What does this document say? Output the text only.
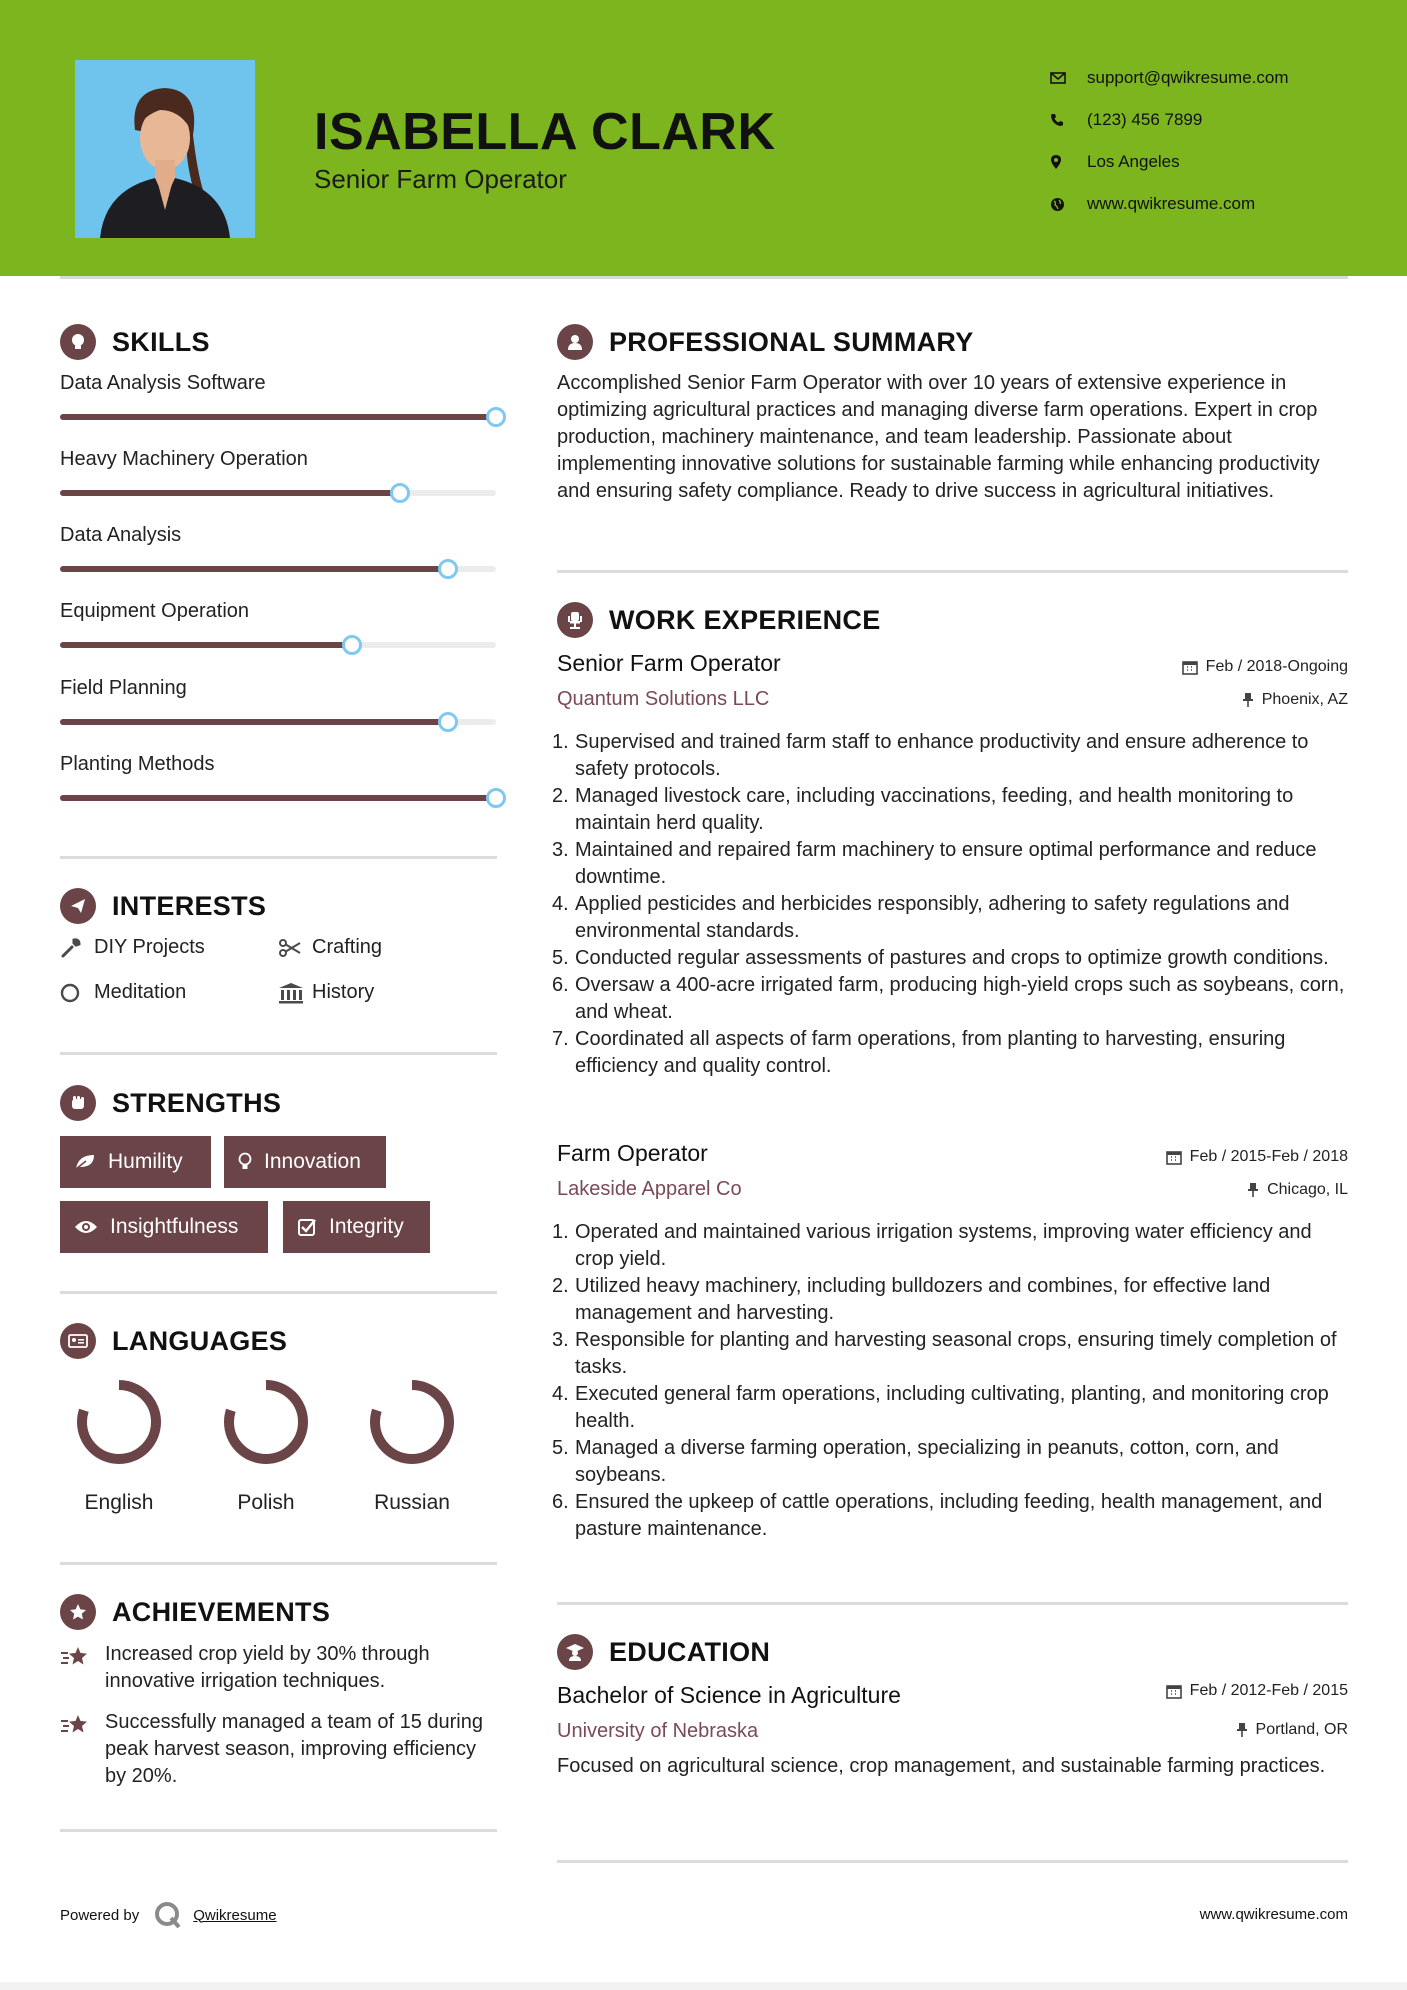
ISABELLA CLARK
Senior Farm Operator
support@qwikresume.com
(123) 456 7899
Los Angeles
www.qwikresume.com
SKILLS
Data Analysis Software
Heavy Machinery Operation
Data Analysis
Equipment Operation
Field Planning
Planting Methods
INTERESTS
DIY Projects	Crafting
Meditation	History
STRENGTHS
Humility	Innovation
Insightfulness	Integrity
LANGUAGES
English	Polish	Russian
ACHIEVEMENTS
Increased crop yield by 30% through innovative irrigation techniques.
Successfully managed a team of 15 during peak harvest season, improving efficiency by 20%.
PROFESSIONAL SUMMARY
Accomplished Senior Farm Operator with over 10 years of extensive experience in optimizing agricultural practices and managing diverse farm operations. Expert in crop production, machinery maintenance, and team leadership. Passionate about implementing innovative solutions for sustainable farming while enhancing productivity and ensuring safety compliance. Ready to drive success in agricultural initiatives.
WORK EXPERIENCE
Senior Farm Operator
Quantum Solutions LLC
Feb / 2018-Ongoing
Phoenix, AZ
1. Supervised and trained farm staff to enhance productivity and ensure adherence to safety protocols.
2. Managed livestock care, including vaccinations, feeding, and health monitoring to maintain herd quality.
3. Maintained and repaired farm machinery to ensure optimal performance and reduce downtime.
4. Applied pesticides and herbicides responsibly, adhering to safety regulations and environmental standards.
5. Conducted regular assessments of pastures and crops to optimize growth conditions.
6. Oversaw a 400-acre irrigated farm, producing high-yield crops such as soybeans, corn, and wheat.
7. Coordinated all aspects of farm operations, from planting to harvesting, ensuring efficiency and quality control.
Farm Operator
Lakeside Apparel Co
Feb / 2015-Feb / 2018
Chicago, IL
1. Operated and maintained various irrigation systems, improving water efficiency and crop yield.
2. Utilized heavy machinery, including bulldozers and combines, for effective land management and harvesting.
3. Responsible for planting and harvesting seasonal crops, ensuring timely completion of tasks.
4. Executed general farm operations, including cultivating, planting, and monitoring crop health.
5. Managed a diverse farming operation, specializing in peanuts, cotton, corn, and soybeans.
6. Ensured the upkeep of cattle operations, including feeding, health management, and pasture maintenance.
EDUCATION
Bachelor of Science in Agriculture
University of Nebraska
Feb / 2012-Feb / 2015
Portland, OR
Focused on agricultural science, crop management, and sustainable farming practices.
Powered by	Qwikresume	www.qwikresume.com
